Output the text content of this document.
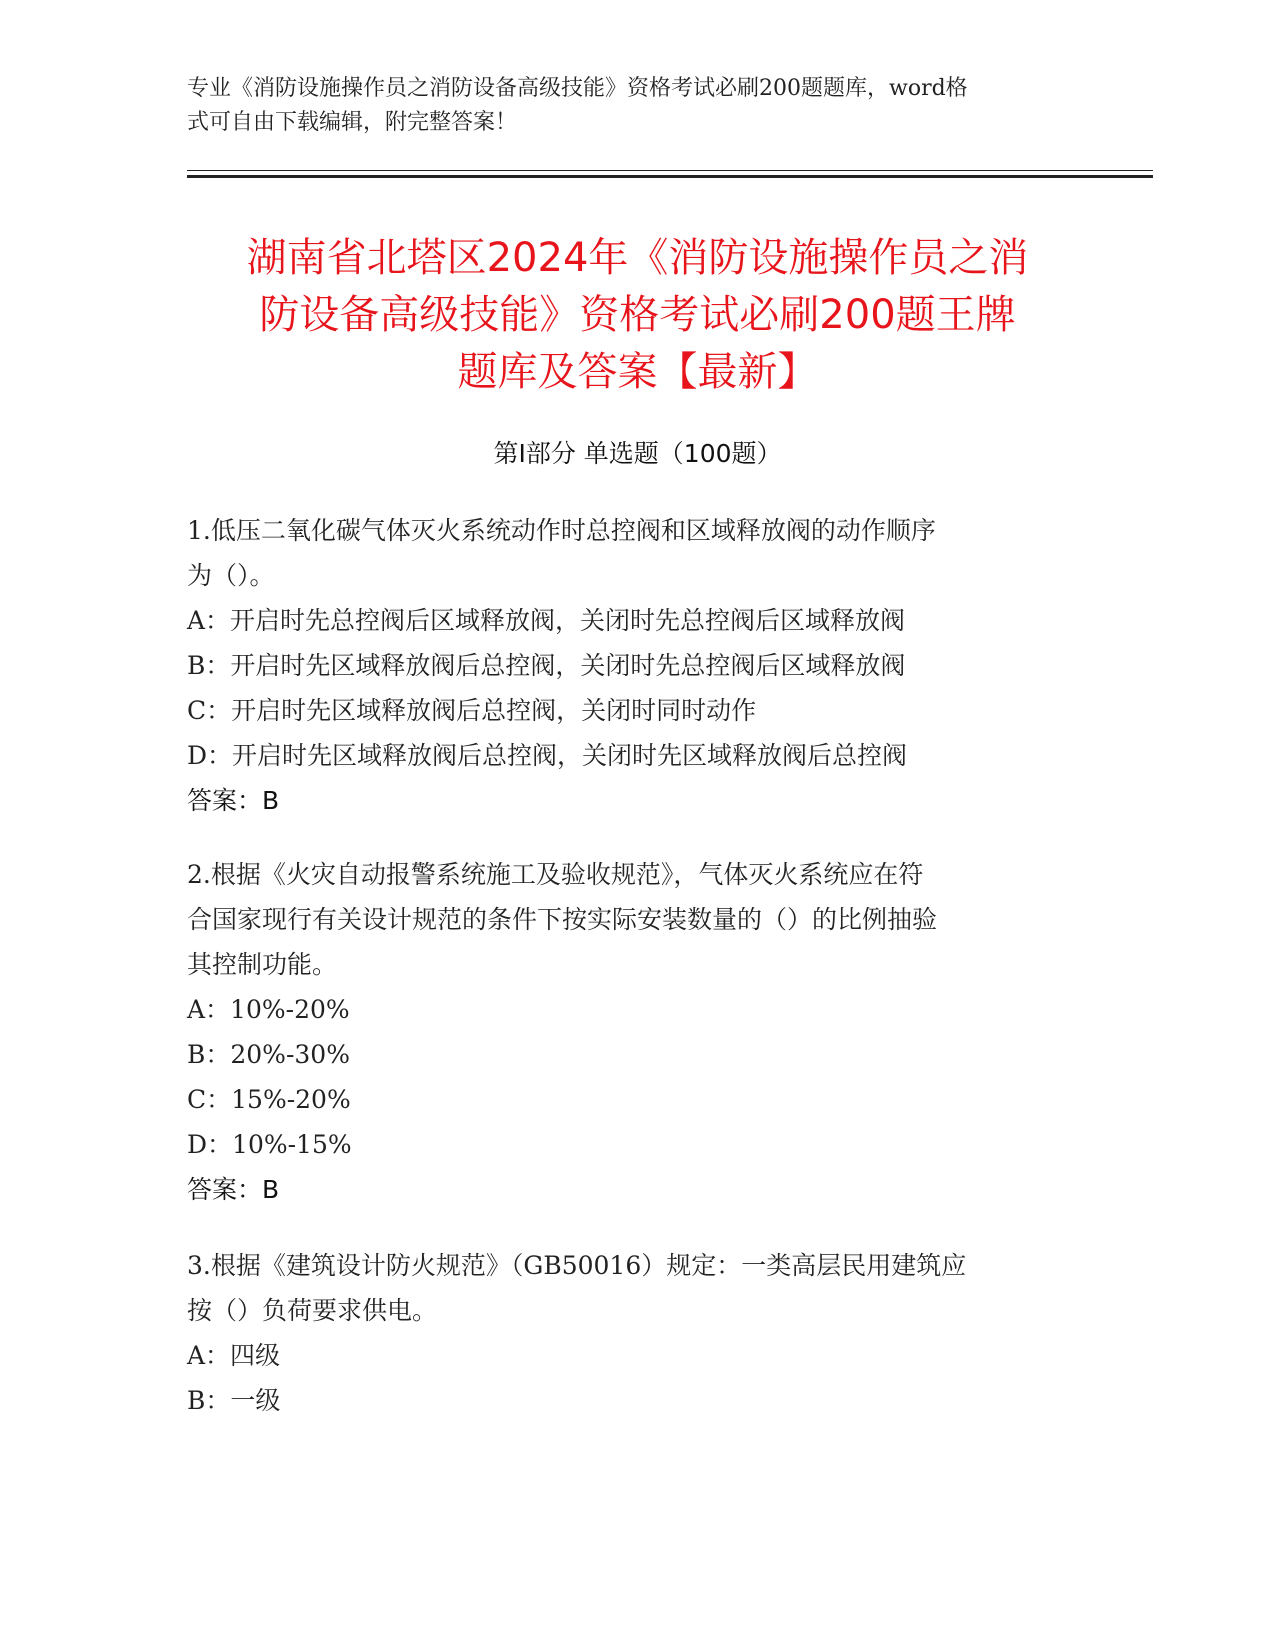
专业《消防设施操作员之消防设备高级技能》资格考试必刷200题题库，word格
式可自由下载编辑，附完整答案！
湖南省北塔区2024年《消防设施操作员之消
防设备高级技能》资格考试必刷200题王牌
题库及答案【最新】
第Ⅰ部分 单选题（100题）
1.低压二氧化碳气体灭火系统动作时总控阀和区域释放阀的动作顺序
为（）。
A：开启时先总控阀后区域释放阀，关闭时先总控阀后区域释放阀
B：开启时先区域释放阀后总控阀，关闭时先总控阀后区域释放阀
C：开启时先区域释放阀后总控阀，关闭时同时动作
D：开启时先区域释放阀后总控阀，关闭时先区域释放阀后总控阀
答案：B
2.根据《火灾自动报警系统施工及验收规范》，气体灭火系统应在符
合国家现行有关设计规范的条件下按实际安装数量的（）的比例抽验
其控制功能。
A：10%-20%
B：20%-30%
C：15%-20%
D：10%-15%
答案：B
3.根据《建筑设计防火规范》（GB50016）规定：一类高层民用建筑应
按（）负荷要求供电。
A：四级
B：一级
